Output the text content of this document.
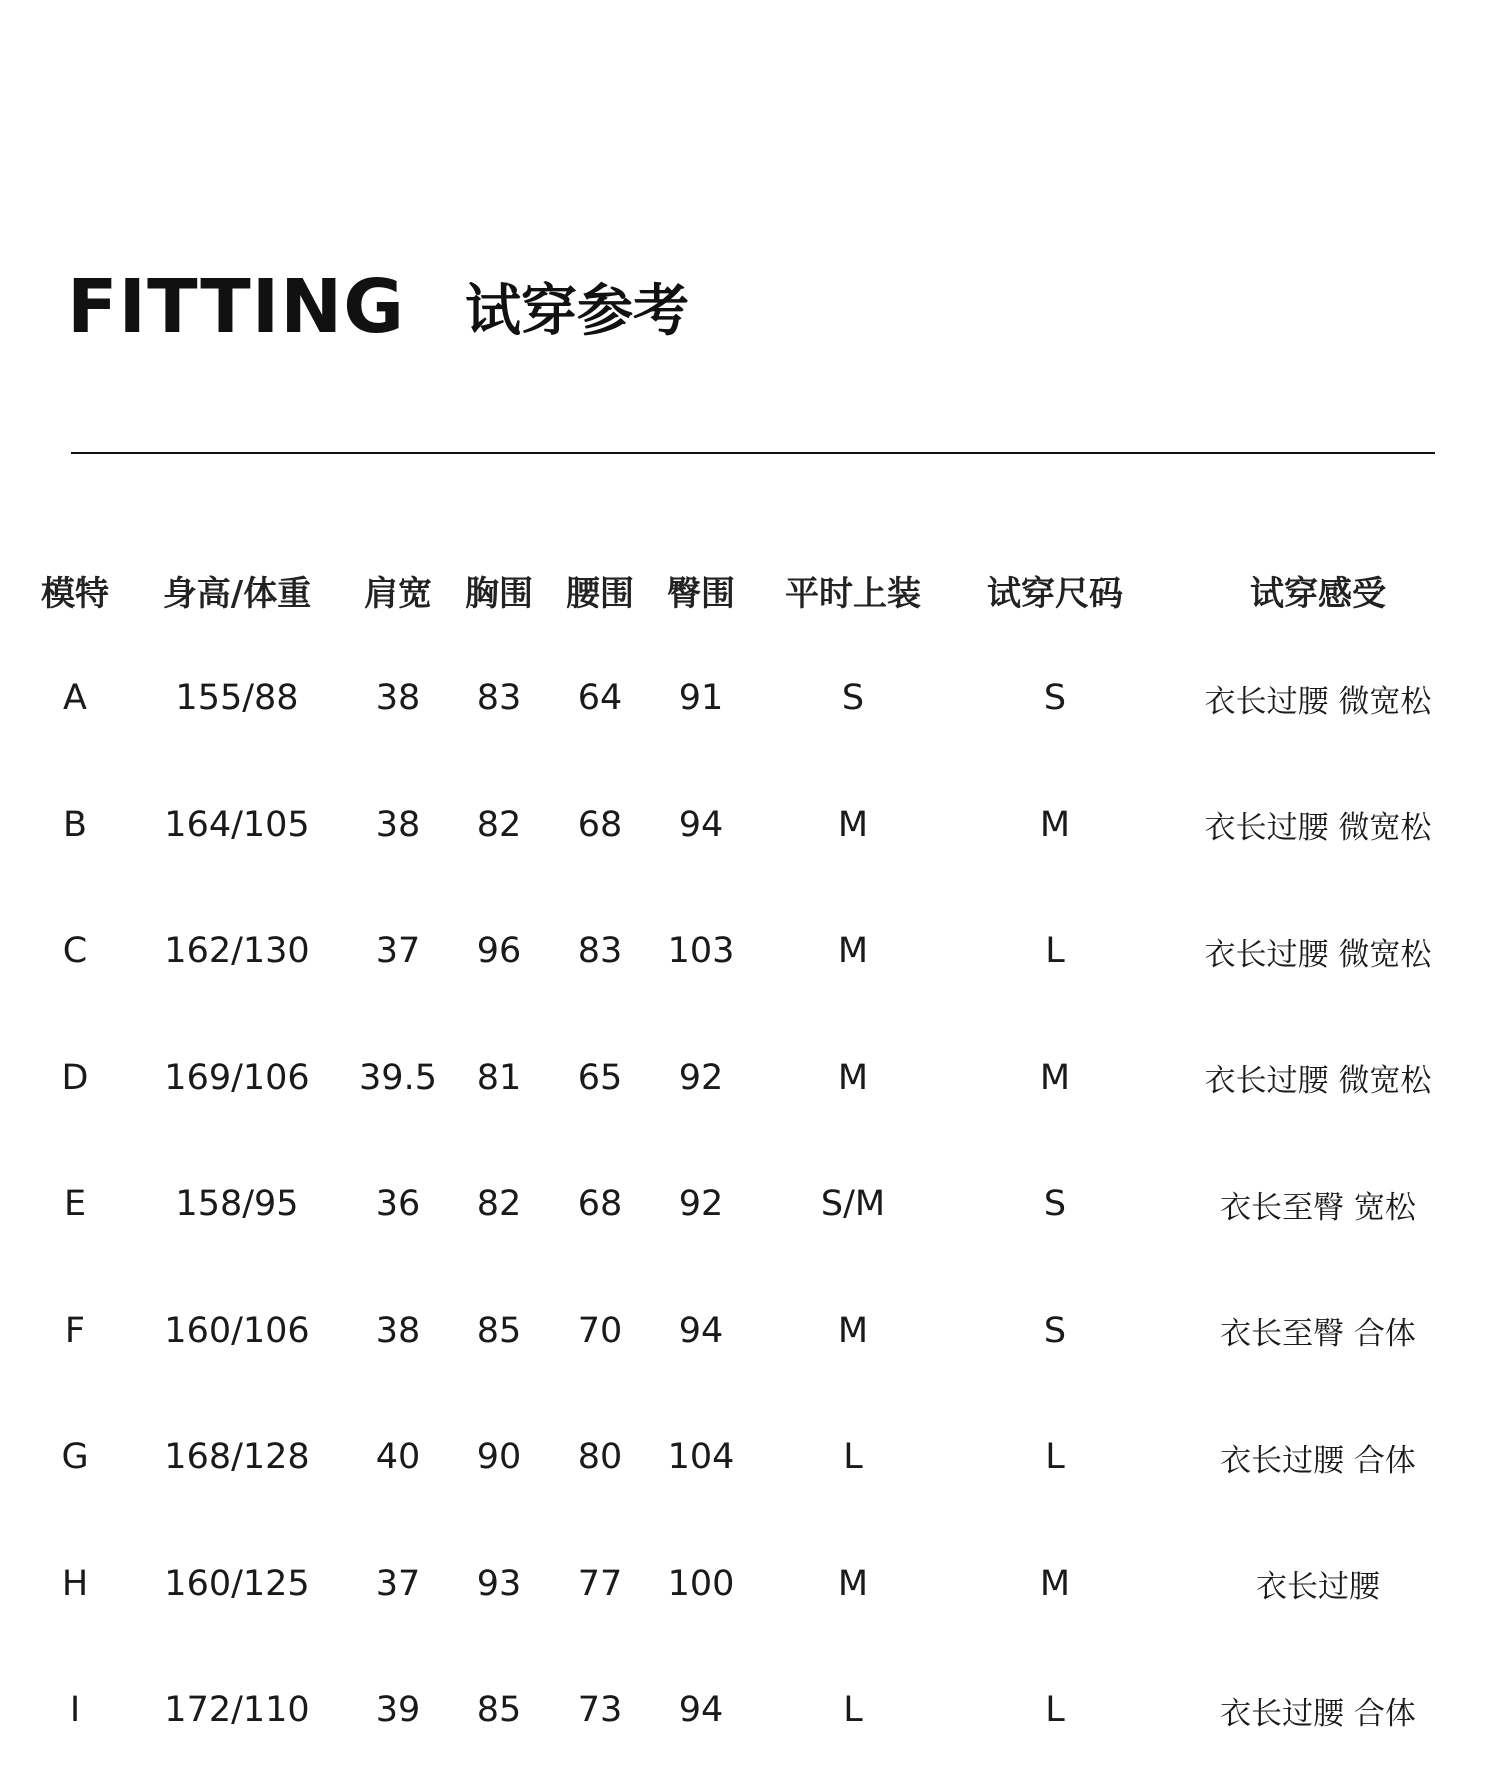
FITTING 试穿参考
模特 身高/体重 肩宽 胸围 腰围 臀围 平时上装 试穿尺码	试穿感受
A	155/88 38 83 64 91	S	S	衣长过腰 微宽松
B 164/105 38 82 68 94	M	M	衣长过腰 微宽松
C 162/130 37 96 83 103	M	L	衣长过腰 微宽松
D 169/106 39.5 81 65 92	M	M	衣长过腰 微宽松
E	158/95 36 82 68 92	S/M	S	衣长至臀 宽松
F 160/106 38 85 70 94	M	S	衣长至臀 合体
G 168/128 40 90 80 104	L	L	衣长过腰 合体
H 160/125 37 93 77 100	M	M	衣长过腰
I 172/110 39 85 73 94	L	L	衣长过腰 合体
